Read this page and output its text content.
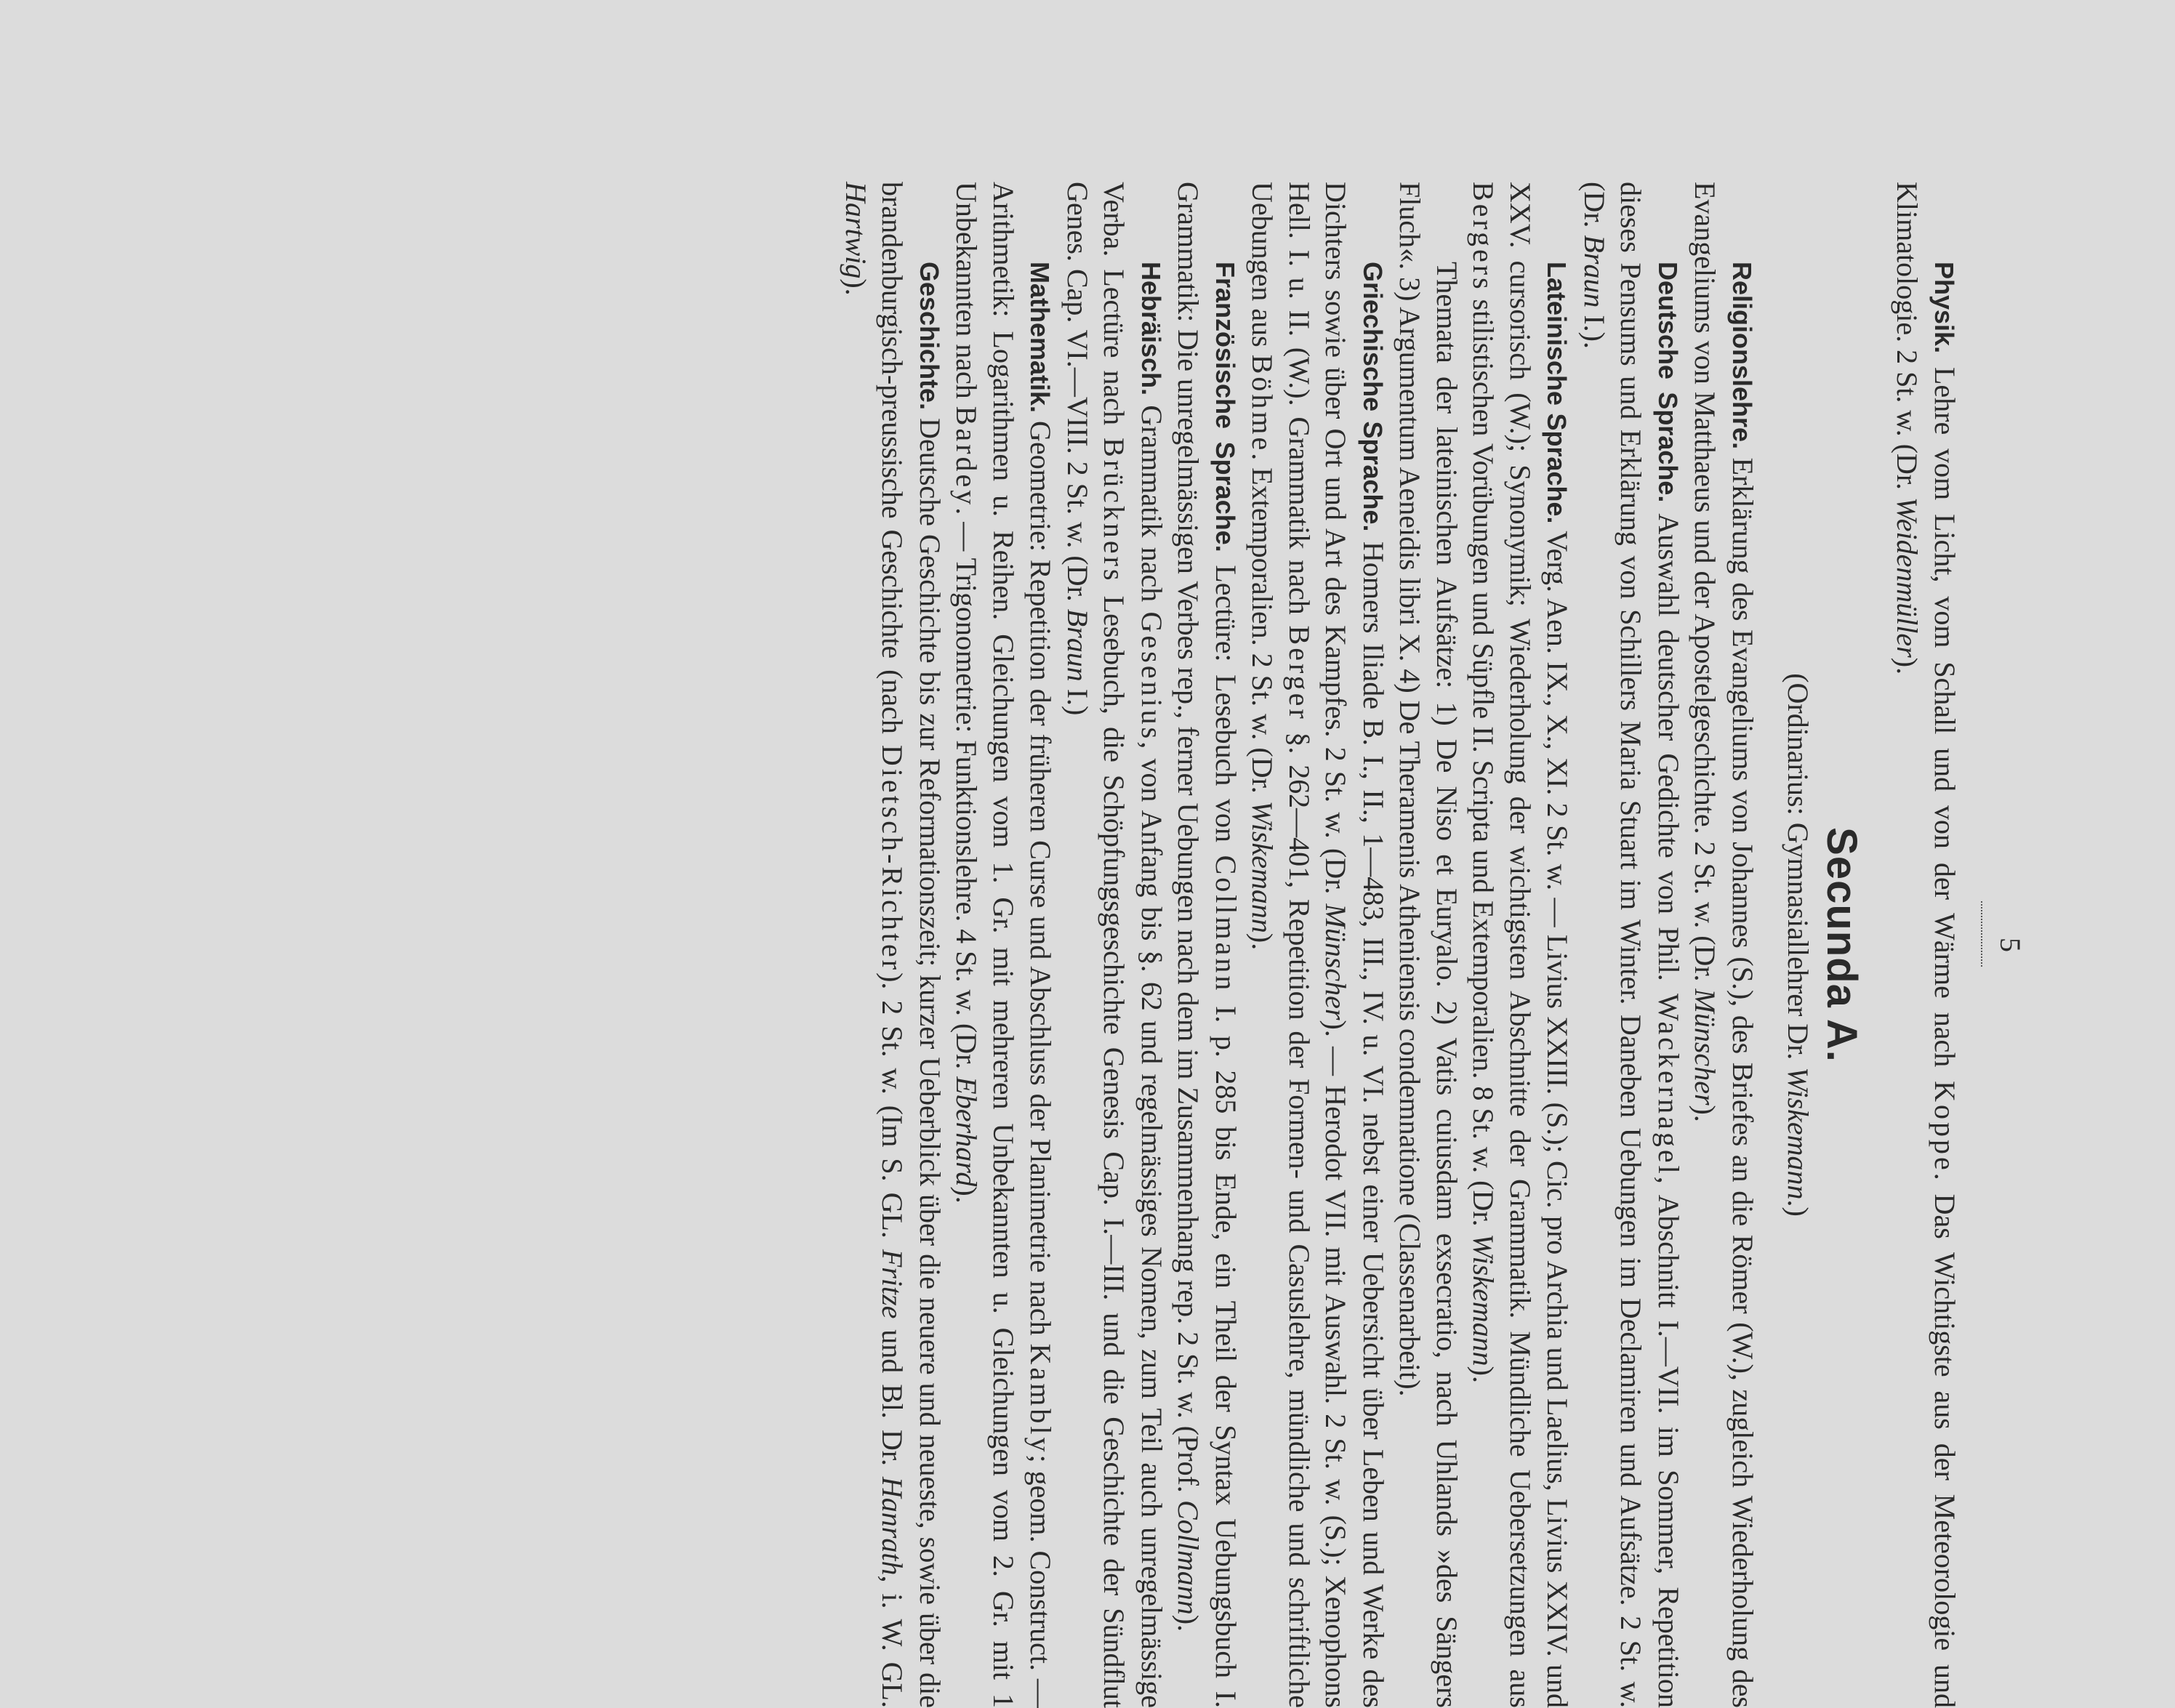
5

Physik. Lehre vom Licht, vom Schall und von der Wärme nach Koppe. Das Wichtigste aus der Meteorologie und Klimatologie. 2 St. w. (Dr. Weidenmüller).

Secunda A.

(Ordinarius: Gymnasiallehrer Dr. Wiskemann.)

Religionslehre. Erklärung des Evangeliums von Johannes (S.), des Briefes an die Römer (W.), zugleich Wiederholung des Evangeliums von Matthaeus und der Apostelgeschichte. 2 St. w. (Dr. Münscher).

Deutsche Sprache. Auswahl deutscher Gedichte von Phil. Wackernagel, Abschnitt I.—VII. im Sommer, Repetition dieses Pensums und Erklärung von Schillers Maria Stuart im Winter. Daneben Uebungen im Declamiren und Aufsätze. 2 St. w. (Dr. Braun I.).

Lateinische Sprache. Verg. Aen. IX., X., XI. 2 St. w. — Livius XXIII. (S.); Cic. pro Archia und Laelius, Livius XXIV. und XXV. cursorisch (W.); Synonymik; Wiederholung der wichtigsten Abschnitte der Grammatik. Mündliche Uebersetzungen aus Bergers stilistischen Vorübungen und Süpfle II. Scripta und Extemporalien. 8 St. w. (Dr. Wiskemann).

Themata der lateinischen Aufsätze: 1) De Niso et Euryalo. 2) Vatis cuiusdam exsecratio, nach Uhlands »des Sängers Fluch«. 3) Argumentum Aeneidis libri X. 4) De Theramenis Atheniensis condemnatione (Classenarbeit).

Griechische Sprache. Homers Iliade B. I., II., 1—483, III., IV. u. VI. nebst einer Uebersicht über Leben und Werke des Dichters sowie über Ort und Art des Kampfes. 2 St. w. (Dr. Münscher). — Herodot VII. mit Auswahl. 2 St. w. (S.); Xenophons Hell. I. u. II. (W.). Grammatik nach Berger §. 262—401, Repetition der Formen- und Casuslehre, mündliche und schriftliche Uebungen aus Böhme. Extemporalien. 2 St. w. (Dr. Wiskemann).

Französische Sprache. Lectüre: Lesebuch von Collmann I. p. 285 bis Ende, ein Theil der Syntax Uebungsbuch I. Grammatik: Die unregelmässigen Verbes rep., ferner Uebungen nach dem im Zusammenhang rep. 2 St. w. (Prof. Collmann).

Hebräisch. Grammatik nach Gesenius, von Anfang bis §. 62 und regelmässiges Nomen, zum Teil auch unregelmässige Verba. Lectüre nach Brückners Lesebuch, die Schöpfungsgeschichte Genesis Cap. I.—III. und die Geschichte der Sündflut Genes. Cap. VI.—VIII. 2 St. w. (Dr. Braun I.)

Mathematik. Geometrie: Repetition der früheren Curse und Abschluss der Planimetrie nach Kambly; geom. Construct. — Arithmetik: Logarithmen u. Reihen. Gleichungen vom 1. Gr. mit mehreren Unbekannten u. Gleichungen vom 2. Gr. mit 1 Unbekannten nach Bardey. — Trigonometrie: Funktionslehre. 4 St. w. (Dr. Eberhard).

Geschichte. Deutsche Geschichte bis zur Reformationszeit; kurzer Ueberblick über die neuere und neueste, sowie über die brandenburgisch-preussische Geschichte (nach Dietsch-Richter). 2 St. w. (Im S. GL. Fritze und Bl. Dr. Hanrath, i. W. GL. Hartwig).
